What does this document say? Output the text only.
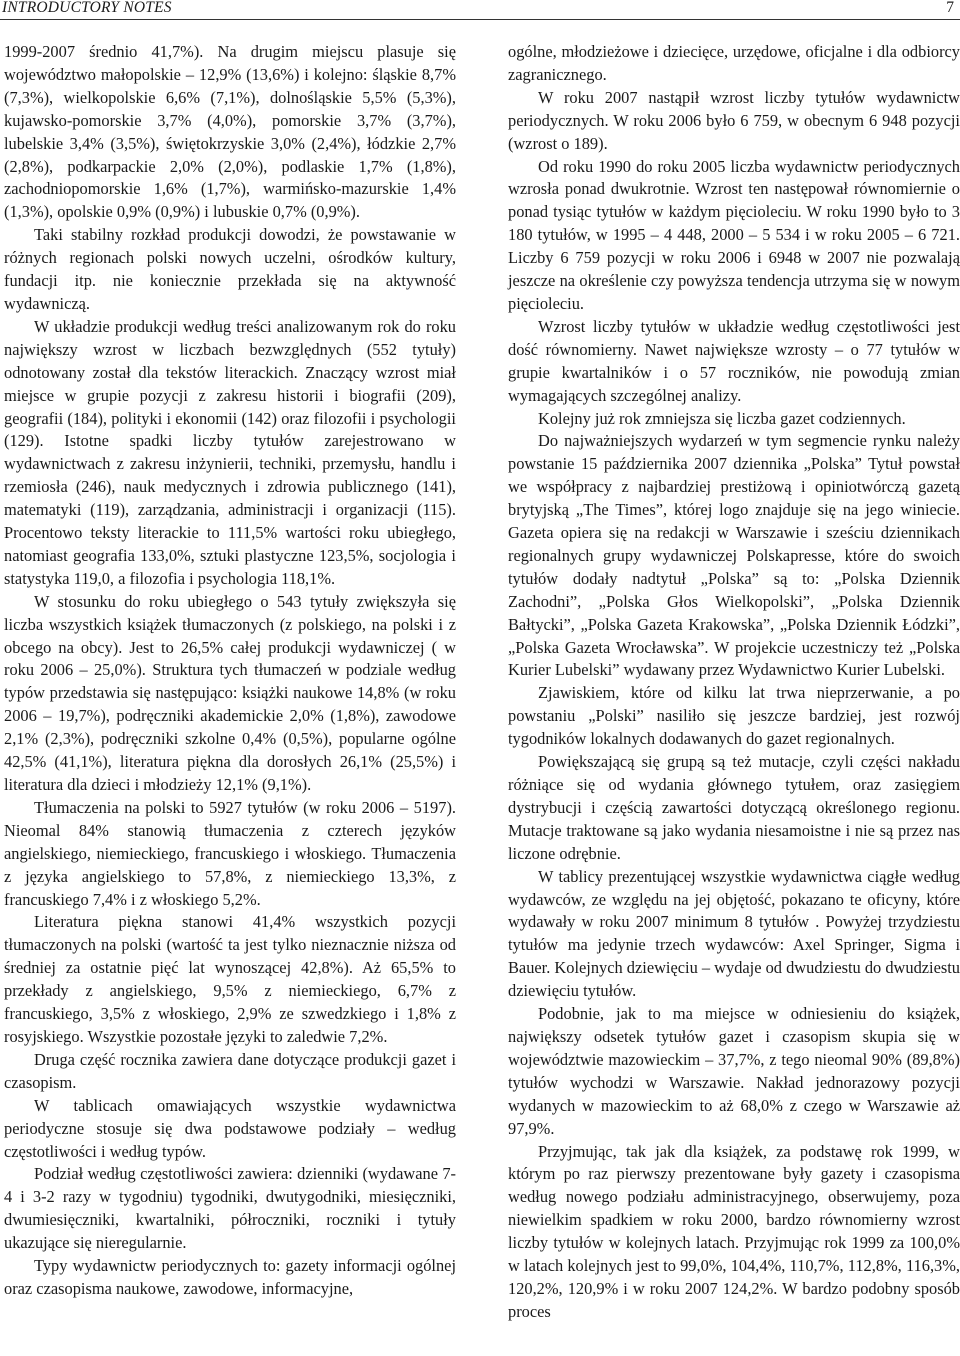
INTRODUCTORY NOTES	7

1999-2007 średnio 41,7%). Na drugim miejscu plasuje się województwo małopolskie – 12,9% (13,6%) i kolejno: śląskie 8,7% (7,3%), wielkopolskie 6,6% (7,1%), dolnośląskie 5,5% (5,3%), kujawsko-pomorskie 3,7% (4,0%), pomorskie 3,7% (3,7%), lubelskie 3,4% (3,5%), świętokrzyskie 3,0% (2,4%), łódzkie 2,7% (2,8%), podkarpackie 2,0% (2,0%), podlaskie 1,7% (1,8%), zachodniopomorskie 1,6% (1,7%), warmińsko-mazurskie 1,4% (1,3%), opolskie 0,9% (0,9%) i lubuskie 0,7% (0,9%).

Taki stabilny rozkład produkcji dowodzi, że powstawanie w różnych regionach polski nowych uczelni, ośrodków kultury, fundacji itp. nie koniecznie przekłada się na aktywność wydawniczą.

W układzie produkcji według treści analizowanym rok do roku największy wzrost w liczbach bezwzględnych (552 tytuły) odnotowany został dla tekstów literackich. Znaczący wzrost miał miejsce w grupie pozycji z zakresu historii i biografii (209), geografii (184), polityki i ekonomii (142) oraz filozofii i psychologii (129). Istotne spadki liczby tytułów zarejestrowano w wydawnictwach z zakresu inżynierii, techniki, przemysłu, handlu i rzemiosła (246), nauk medycznych i zdrowia publicznego (141), matematyki (119), zarządzania, administracji i organizacji (115). Procentowo teksty literackie to 111,5% wartości roku ubiegłego, natomiast geografia 133,0%, sztuki plastyczne 123,5%, socjologia i statystyka 119,0, a filozofia i psychologia 118,1%.

W stosunku do roku ubiegłego o 543 tytuły zwiększyła się liczba wszystkich książek tłumaczonych (z polskiego, na polski i z obcego na obcy). Jest to 26,5% całej produkcji wydawniczej ( w roku 2006 – 25,0%). Struktura tych tłumaczeń w podziale według typów przedstawia się następująco: książki naukowe 14,8% (w roku 2006 – 19,7%), podręczniki akademickie 2,0% (1,8%), zawodowe 2,1% (2,3%), podręczniki szkolne 0,4% (0,5%), popularne ogólne 42,5% (41,1%), literatura piękna dla dorosłych 26,1% (25,5%) i literatura dla dzieci i młodzieży 12,1% (9,1%).

Tłumaczenia na polski to 5927 tytułów (w roku 2006 – 5197). Nieomal 84% stanowią tłumaczenia z czterech języków angielskiego, niemieckiego, francuskiego i włoskiego. Tłumaczenia z języka angielskiego to 57,8%, z niemieckiego 13,3%, z francuskiego 7,4% i z włoskiego 5,2%.

Literatura piękna stanowi 41,4% wszystkich pozycji tłumaczonych na polski (wartość ta jest tylko nieznacznie niższa od średniej za ostatnie pięć lat wynoszącej 42,8%). Aż 65,5% to przekłady z angielskiego, 9,5% z niemieckiego, 6,7% z francuskiego, 3,5% z włoskiego, 2,9% ze szwedzkiego i 1,8% z rosyjskiego. Wszystkie pozostałe języki to zaledwie 7,2%.

Druga część rocznika zawiera dane dotyczące produkcji gazet i czasopism.

W tablicach omawiających wszystkie wydawnictwa periodyczne stosuje się dwa podstawowe podziały – według częstotliwości i według typów.

Podział według częstotliwości zawiera: dzienniki (wydawane 7-4 i 3-2 razy w tygodniu) tygodniki, dwutygodniki, miesięczniki, dwumiesięczniki, kwartalniki, półroczniki, roczniki i tytuły ukazujące się nieregularnie.

Typy wydawnictw periodycznych to: gazety informacji ogólnej oraz czasopisma naukowe, zawodowe, informacyjne,

ogólne, młodzieżowe i dziecięce, urzędowe, oficjalne i dla odbiorcy zagranicznego.

W roku 2007 nastąpił wzrost liczby tytułów wydawnictw periodycznych. W roku 2006 było 6 759, w obecnym 6 948 pozycji (wzrost o 189).

Od roku 1990 do roku 2005 liczba wydawnictw periodycznych wzrosła ponad dwukrotnie. Wzrost ten następował równomiernie o ponad tysiąc tytułów w każdym pięcioleciu. W roku 1990 było to 3 180 tytułów, w 1995 – 4 448, 2000 – 5 534 i w roku 2005 – 6 721. Liczby 6 759 pozycji w roku 2006 i 6948 w 2007 nie pozwalają jeszcze na określenie czy powyższa tendencja utrzyma się w nowym pięcioleciu.

Wzrost liczby tytułów w układzie według częstotliwości jest dość równomierny. Nawet największe wzrosty – o 77 tytułów w grupie kwartalników i o 57 roczników, nie powodują zmian wymagających szczególnej analizy.

Kolejny już rok zmniejsza się liczba gazet codziennych.

Do najważniejszych wydarzeń w tym segmencie rynku należy powstanie 15 października 2007 dziennika „Polska” Tytuł powstał we współpracy z najbardziej prestiżową i opiniotwórczą gazetą brytyjską „The Times”, której logo znajduje się na jego winiecie. Gazeta opiera się na redakcji w Warszawie i sześciu dziennikach regionalnych grupy wydawniczej Polskapresse, które do swoich tytułów dodały nadtytuł „Polska” są to: „Polska Dziennik Zachodni”, „Polska Głos Wielkopolski”, „Polska Dziennik Bałtycki”, „Polska Gazeta Krakowska”, „Polska Dziennik Łódzki”, „Polska Gazeta Wrocławska”. W projekcie uczestniczy też „Polska Kurier Lubelski” wydawany przez Wydawnictwo Kurier Lubelski.

Zjawiskiem, które od kilku lat trwa nieprzerwanie, a po powstaniu „Polski” nasiliło się jeszcze bardziej, jest rozwój tygodników lokalnych dodawanych do gazet regionalnych.

Powiększającą się grupą są też mutacje, czyli części nakładu różniące się od wydania głównego tytułem, oraz zasięgiem dystrybucji i częścią zawartości dotyczącą określonego regionu. Mutacje traktowane są jako wydania niesamoistne i nie są przez nas liczone odrębnie.

W tablicy prezentującej wszystkie wydawnictwa ciągłe według wydawców, ze względu na jej objętość, pokazano te oficyny, które wydawały w roku 2007 minimum 8 tytułów . Powyżej trzydziestu tytułów ma jedynie trzech wydawców: Axel Springer, Sigma i Bauer. Kolejnych dziewięciu – wydaje od dwudziestu do dwudziestu dziewięciu tytułów.

Podobnie, jak to ma miejsce w odniesieniu do książek, największy odsetek tytułów gazet i czasopism skupia się w województwie mazowieckim – 37,7%, z tego nieomal 90% (89,8%) tytułów wychodzi w Warszawie. Nakład jednorazowy pozycji wydanych w mazowieckim to aż 68,0% z czego w Warszawie aż 97,9%.

Przyjmując, tak jak dla książek, za podstawę rok 1999, w którym po raz pierwszy prezentowane były gazety i czasopisma według nowego podziału administracyjnego, obserwujemy, poza niewielkim spadkiem w roku 2000, bardzo równomierny wzrost liczby tytułów w kolejnych latach. Przyjmując rok 1999 za 100,0% w latach kolejnych jest to 99,0%, 104,4%, 110,7%, 112,8%, 116,3%, 120,2%, 120,9% i w roku 2007 124,2%. W bardzo podobny sposób proces
